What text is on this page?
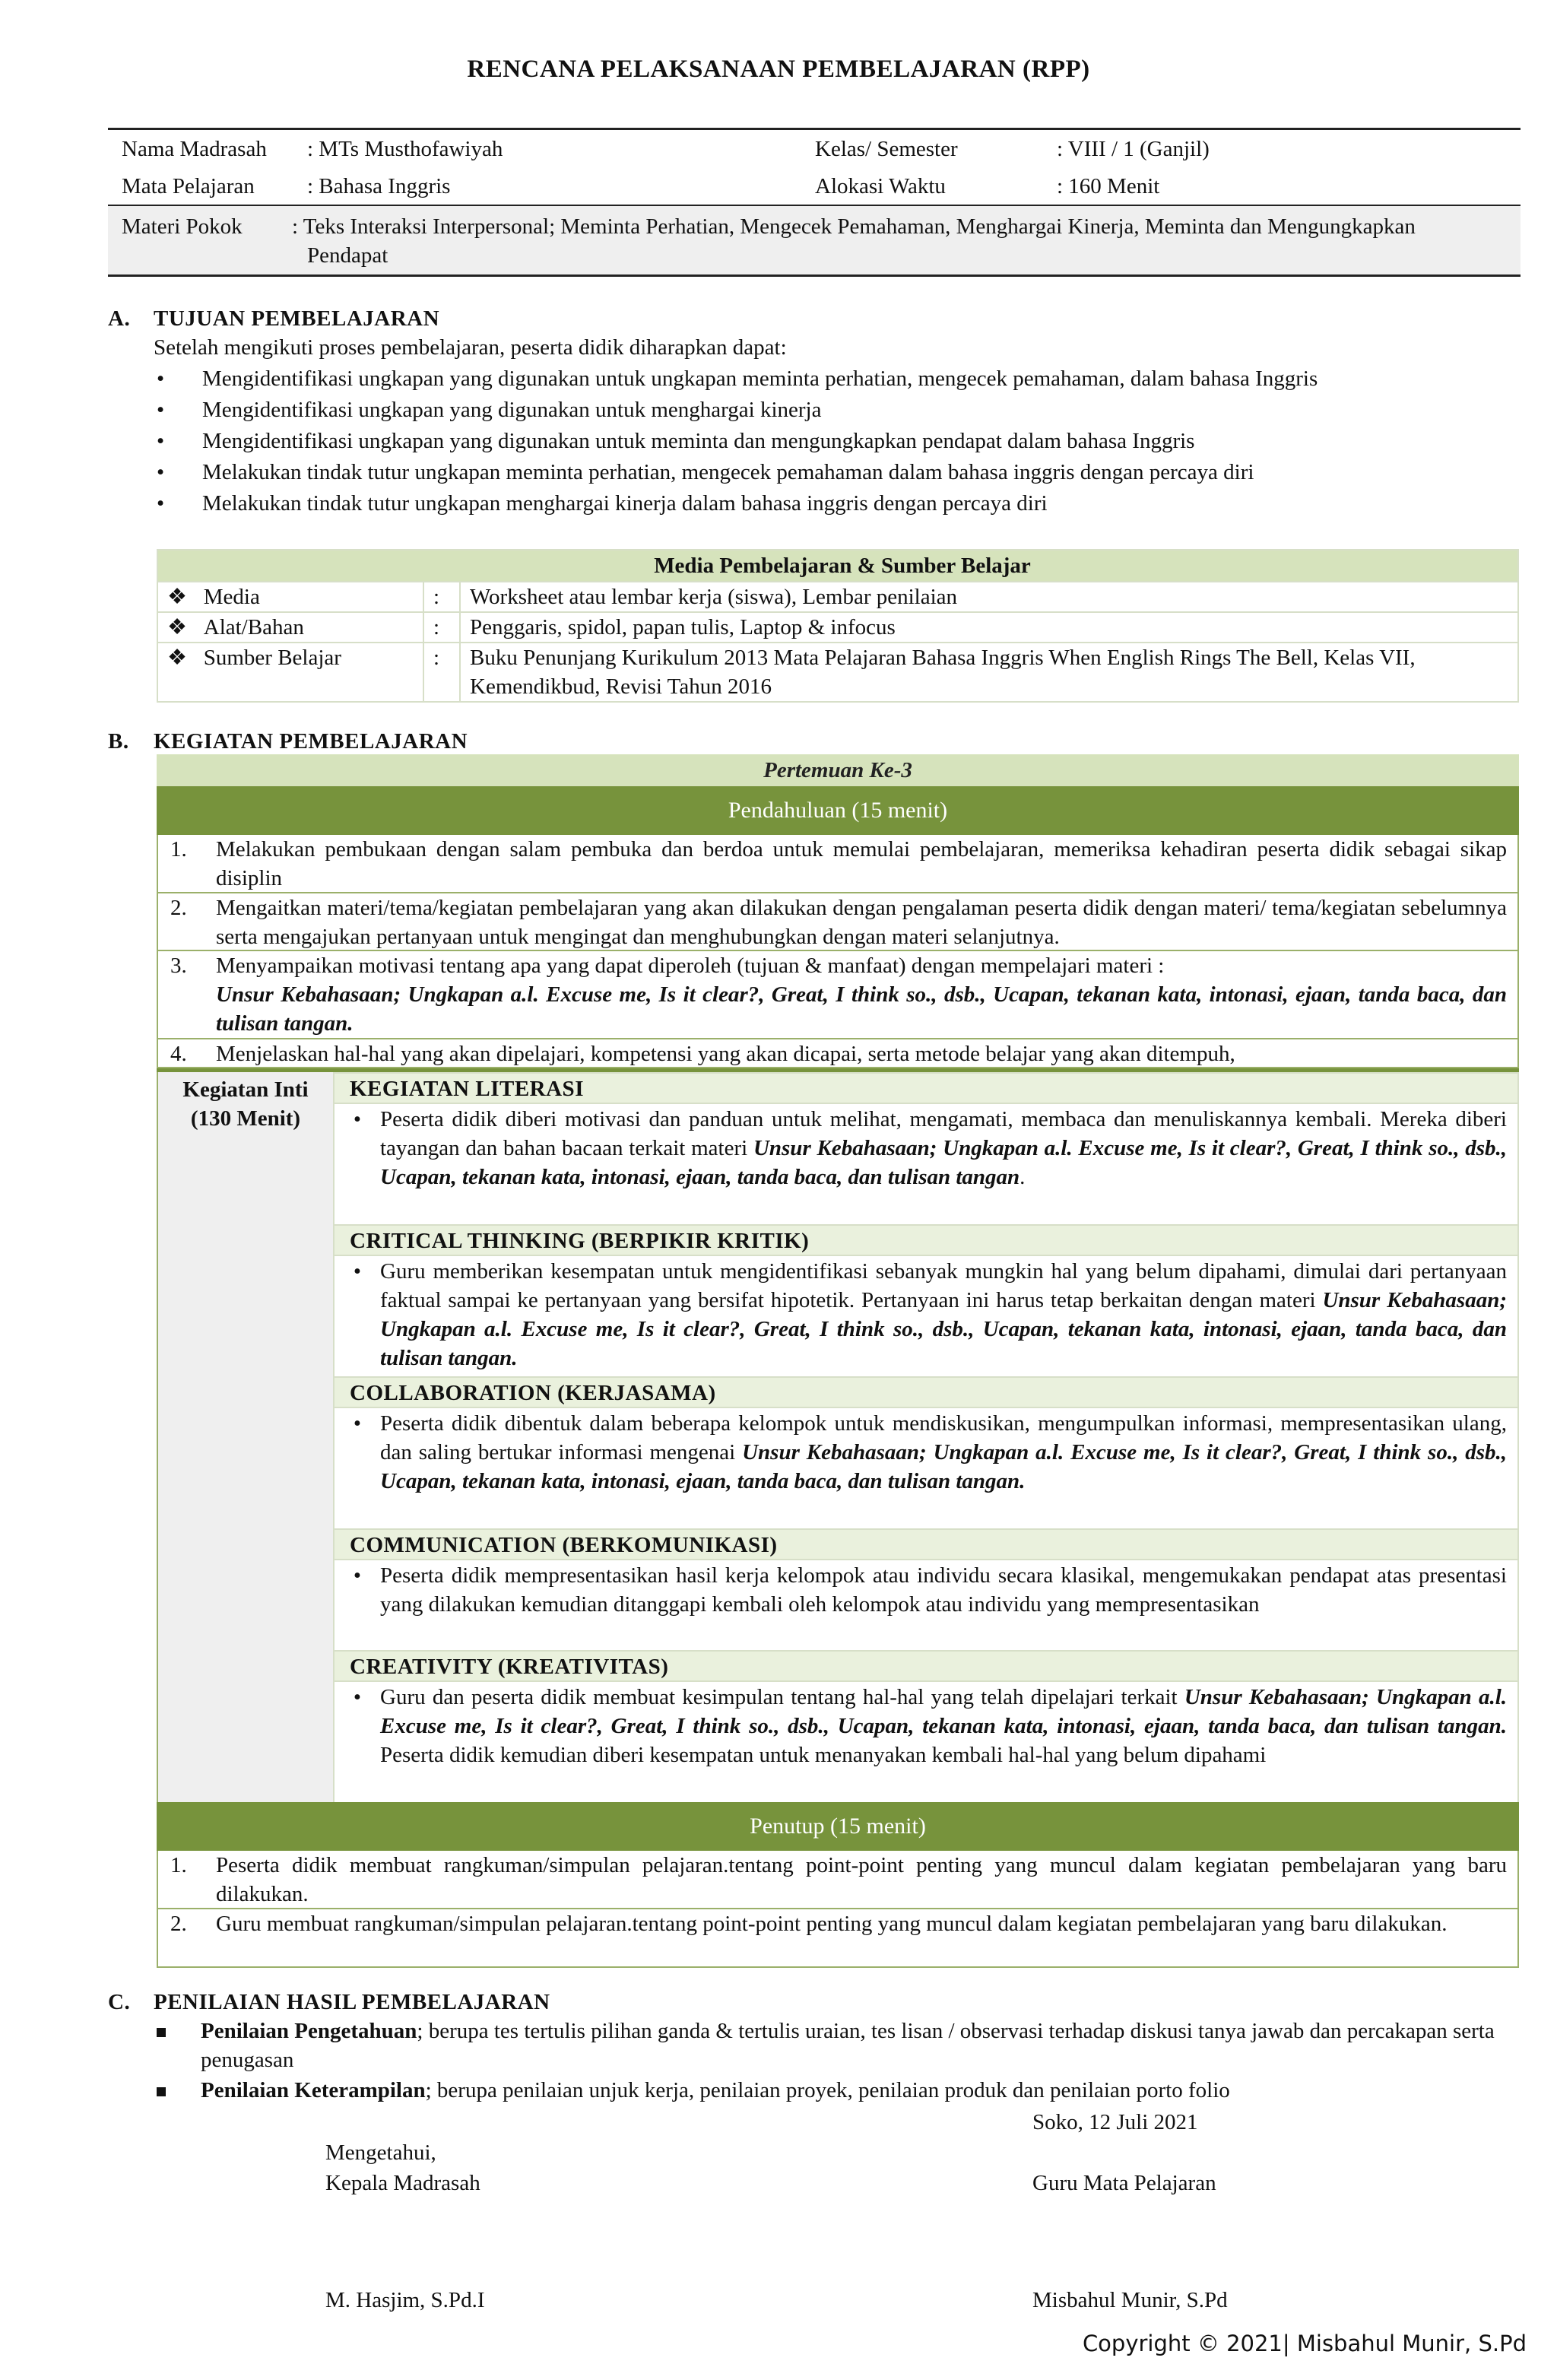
RENCANA PELAKSANAAN PEMBELAJARAN (RPP)
Nama Madrasah	: MTs Musthofawiyah	Kelas/ Semester	: VIII / 1 (Ganjil)
Mata Pelajaran	: Bahasa Inggris	Alokasi Waktu	: 160 Menit
Materi Pokok	: Teks Interaksi Interpersonal; Meminta Perhatian, Mengecek Pemahaman, Menghargai Kinerja, Meminta dan Mengungkapkan Pendapat
A. TUJUAN PEMBELAJARAN
Setelah mengikuti proses pembelajaran, peserta didik diharapkan dapat:
• Mengidentifikasi ungkapan yang digunakan untuk ungkapan meminta perhatian, mengecek pemahaman, dalam bahasa Inggris
• Mengidentifikasi ungkapan yang digunakan untuk menghargai kinerja
• Mengidentifikasi ungkapan yang digunakan untuk meminta dan mengungkapkan pendapat dalam bahasa Inggris
• Melakukan tindak tutur ungkapan meminta perhatian, mengecek pemahaman dalam bahasa inggris dengan percaya diri
• Melakukan tindak tutur ungkapan menghargai kinerja dalam bahasa inggris dengan percaya diri
Media Pembelajaran & Sumber Belajar		
❖ Media	:	Worksheet atau lembar kerja (siswa), Lembar penilaian
❖ Alat/Bahan	:	Penggaris, spidol, papan tulis, Laptop & infocus
❖ Sumber Belajar	:	Buku Penunjang Kurikulum 2013 Mata Pelajaran Bahasa Inggris When English Rings The Bell, Kelas VII, Kemendikbud, Revisi Tahun 2016
B. KEGIATAN PEMBELAJARAN
Pertemuan Ke-3
Pendahuluan (15 menit)
1.	Melakukan pembukaan dengan salam pembuka dan berdoa untuk memulai pembelajaran, memeriksa kehadiran peserta didik sebagai sikap disiplin
2.	Mengaitkan materi/tema/kegiatan pembelajaran yang akan dilakukan dengan pengalaman peserta didik dengan materi/ tema/kegiatan sebelumnya serta mengajukan pertanyaan untuk mengingat dan menghubungkan dengan materi selanjutnya.
3.	Menyampaikan motivasi tentang apa yang dapat diperoleh (tujuan & manfaat) dengan mempelajari materi :
Unsur Kebahasaan; Ungkapan a.l. Excuse me, Is it clear?, Great, I think so., dsb., Ucapan, tekanan kata, intonasi, ejaan, tanda baca, dan tulisan tangan.
4.	Menjelaskan hal-hal yang akan dipelajari, kompetensi yang akan dicapai, serta metode belajar yang akan ditempuh,
Kegiatan Inti
(130 Menit)
KEGIATAN LITERASI
• Peserta didik diberi motivasi dan panduan untuk melihat, mengamati, membaca dan menuliskannya kembali. Mereka diberi tayangan dan bahan bacaan terkait materi Unsur Kebahasaan; Ungkapan a.l. Excuse me, Is it clear?, Great, I think so., dsb., Ucapan, tekanan kata, intonasi, ejaan, tanda baca, dan tulisan tangan.
CRITICAL THINKING (BERPIKIR KRITIK)
• Guru memberikan kesempatan untuk mengidentifikasi sebanyak mungkin hal yang belum dipahami, dimulai dari pertanyaan faktual sampai ke pertanyaan yang bersifat hipotetik. Pertanyaan ini harus tetap berkaitan dengan materi Unsur Kebahasaan; Ungkapan a.l. Excuse me, Is it clear?, Great, I think so., dsb., Ucapan, tekanan kata, intonasi, ejaan, tanda baca, dan tulisan tangan.
COLLABORATION (KERJASAMA)
• Peserta didik dibentuk dalam beberapa kelompok untuk mendiskusikan, mengumpulkan informasi, mempresentasikan ulang, dan saling bertukar informasi mengenai Unsur Kebahasaan; Ungkapan a.l. Excuse me, Is it clear?, Great, I think so., dsb., Ucapan, tekanan kata, intonasi, ejaan, tanda baca, dan tulisan tangan.
COMMUNICATION (BERKOMUNIKASI)
• Peserta didik mempresentasikan hasil kerja kelompok atau individu secara klasikal, mengemukakan pendapat atas presentasi yang dilakukan kemudian ditanggapi kembali oleh kelompok atau individu yang mempresentasikan
CREATIVITY (KREATIVITAS)
• Guru dan peserta didik membuat kesimpulan tentang hal-hal yang telah dipelajari terkait Unsur Kebahasaan; Ungkapan a.l. Excuse me, Is it clear?, Great, I think so., dsb., Ucapan, tekanan kata, intonasi, ejaan, tanda baca, dan tulisan tangan. Peserta didik kemudian diberi kesempatan untuk menanyakan kembali hal-hal yang belum dipahami
Penutup (15 menit)
1.	Peserta didik membuat rangkuman/simpulan pelajaran.tentang point-point penting yang muncul dalam kegiatan pembelajaran yang baru dilakukan.
2.	Guru membuat rangkuman/simpulan pelajaran.tentang point-point penting yang muncul dalam kegiatan pembelajaran yang baru dilakukan.
C. PENILAIAN HASIL PEMBELAJARAN
Penilaian Pengetahuan; berupa tes tertulis pilihan ganda & tertulis uraian, tes lisan / observasi terhadap diskusi tanya jawab dan percakapan serta penugasan
Penilaian Keterampilan; berupa penilaian unjuk kerja, penilaian proyek, penilaian produk dan penilaian porto folio
Soko, 12 Juli 2021
Mengetahui,
Kepala Madrasah	Guru Mata Pelajaran
M. Hasjim, S.Pd.I	Misbahul Munir, S.Pd
Copyright © 2021| Misbahul Munir, S.Pd
